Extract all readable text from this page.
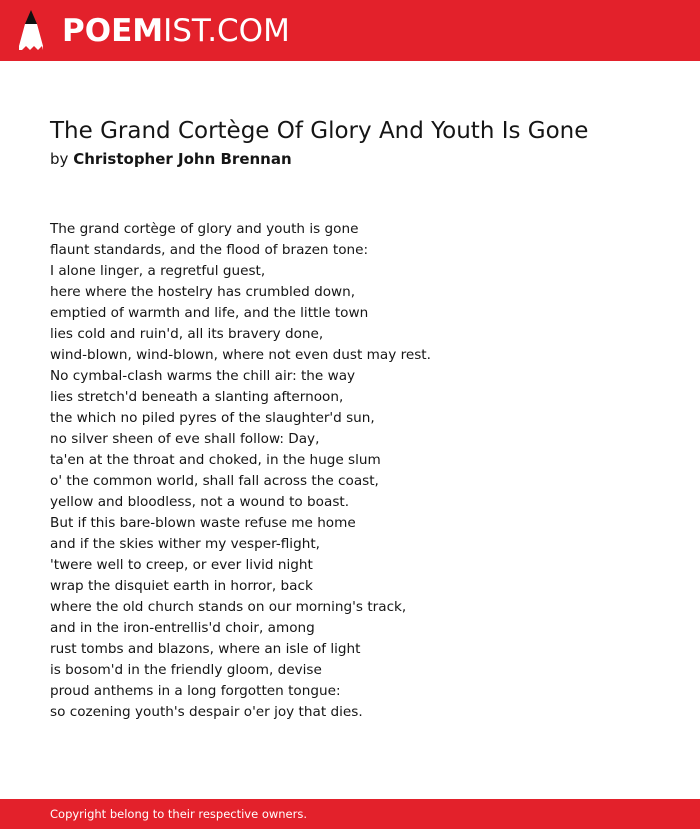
POEMIST.COM
The Grand Cortège Of Glory And Youth Is Gone
by Christopher John Brennan
The grand cortège of glory and youth is gone
flaunt standards, and the flood of brazen tone:
I alone linger, a regretful guest,
here where the hostelry has crumbled down,
emptied of warmth and life, and the little town
lies cold and ruin'd, all its bravery done,
wind-blown, wind-blown, where not even dust may rest.
No cymbal-clash warms the chill air: the way
lies stretch'd beneath a slanting afternoon,
the which no piled pyres of the slaughter'd sun,
no silver sheen of eve shall follow: Day,
ta'en at the throat and choked, in the huge slum
o' the common world, shall fall across the coast,
yellow and bloodless, not a wound to boast.
But if this bare-blown waste refuse me home
and if the skies wither my vesper-flight,
'twere well to creep, or ever livid night
wrap the disquiet earth in horror, back
where the old church stands on our morning's track,
and in the iron-entrellis'd choir, among
rust tombs and blazons, where an isle of light
is bosom'd in the friendly gloom, devise
proud anthems in a long forgotten tongue:
so cozening youth's despair o'er joy that dies.
Copyright belong to their respective owners.
